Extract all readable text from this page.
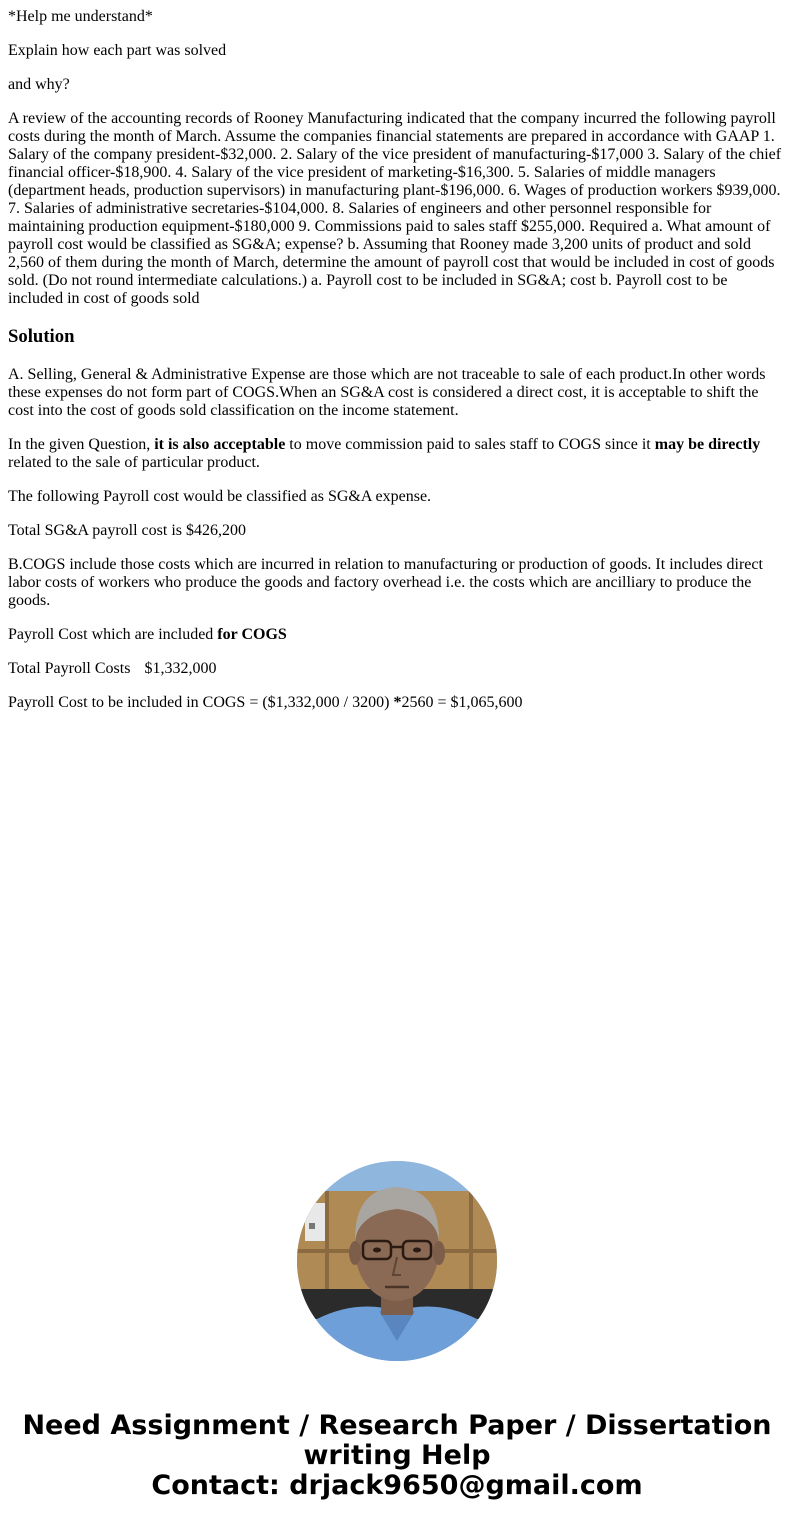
*Help me understand*

Explain how each part was solved

and why?

A review of the accounting records of Rooney Manufacturing indicated that the company incurred the following payroll costs during the month of March. Assume the companies financial statements are prepared in accordance with GAAP 1. Salary of the company president-$32,000. 2. Salary of the vice president of manufacturing-$17,000 3. Salary of the chief financial officer-$18,900. 4. Salary of the vice president of marketing-$16,300. 5. Salaries of middle managers (department heads, production supervisors) in manufacturing plant-$196,000. 6. Wages of production workers $939,000. 7. Salaries of administrative secretaries-$104,000. 8. Salaries of engineers and other personnel responsible for maintaining production equipment-$180,000 9. Commissions paid to sales staff $255,000. Required a. What amount of payroll cost would be classified as SG&A; expense? b. Assuming that Rooney made 3,200 units of product and sold 2,560 of them during the month of March, determine the amount of payroll cost that would be included in cost of goods sold. (Do not round intermediate calculations.) a. Payroll cost to be included in SG&A; cost b. Payroll cost to be included in cost of goods sold

Solution

A. Selling, General & Administrative Expense are those which are not traceable to sale of each product.In other words these expenses do not form part of COGS.When an SG&A cost is considered a direct cost, it is acceptable to shift the cost into the cost of goods sold classification on the income statement.

In the given Question, it is also acceptable to move commission paid to sales staff to COGS since it may be directly related to the sale of particular product.

The following Payroll cost would be classified as SG&A expense.

Total SG&A payroll cost is $426,200

B.COGS include those costs which are incurred in relation to manufacturing or production of goods. It includes direct labor costs of workers who produce the goods and factory overhead i.e. the costs which are ancilliary to produce the goods.

Payroll Cost which are included for COGS

Total Payroll Costs $1,332,000

Payroll Cost to be included in COGS = ($1,332,000 / 3200) *2560 = $1,065,600

Need Assignment / Research Paper / Dissertation
writing Help
Contact: drjack9650@gmail.com
